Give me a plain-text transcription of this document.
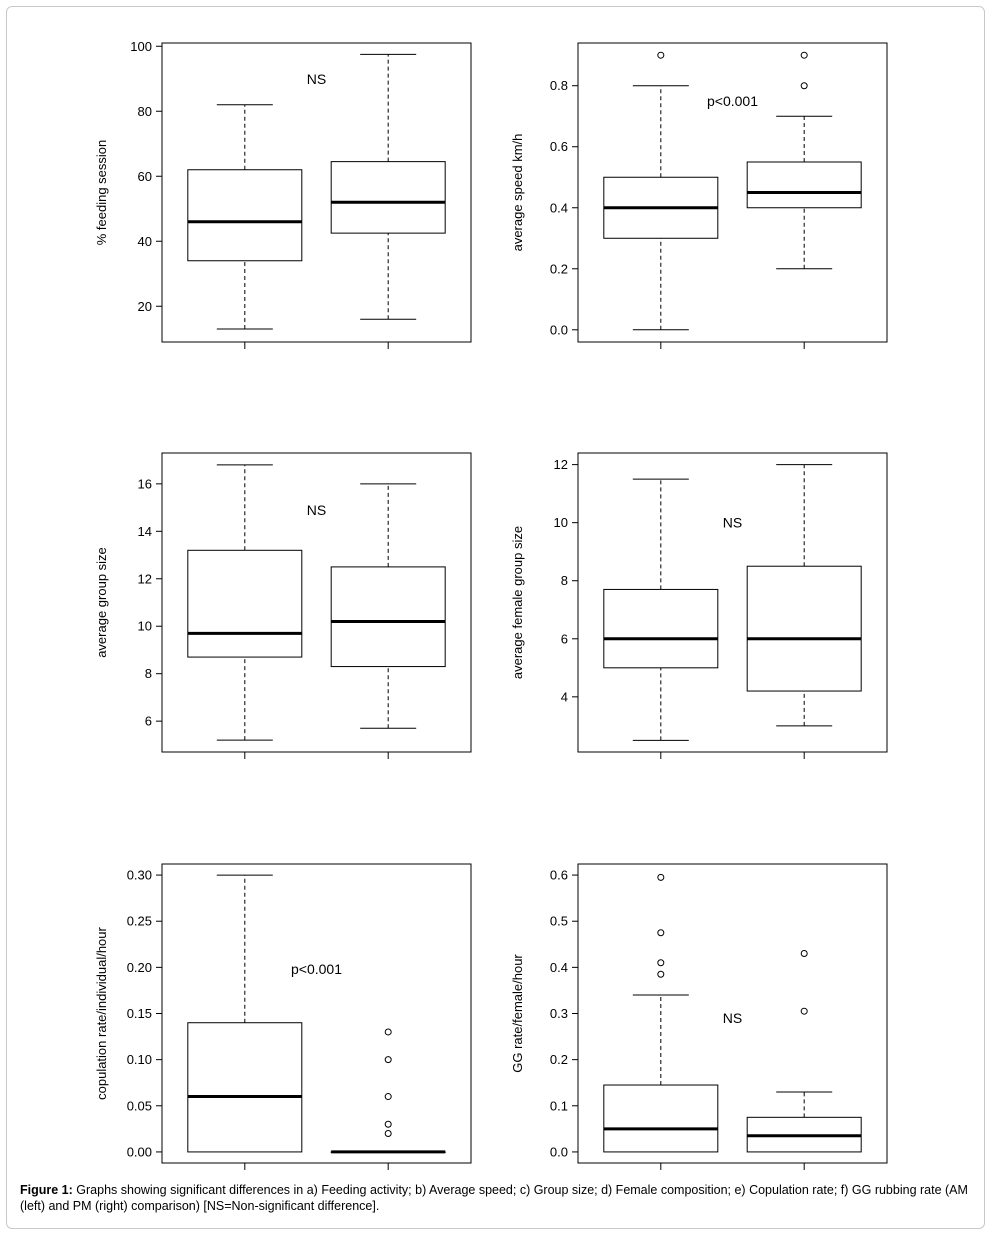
20
40
60
80
100
% feeding session
NS
0.0
0.2
0.4
0.6
0.8
average speed km/h
p<0.001
6
8
10
12
14
16
average group size
NS
4
6
8
10
12
average female group size
NS
0.00
0.05
0.10
0.15
0.20
0.25
0.30
copulation rate/individual/hour	p<0.001
0.0
0.1
0.2
0.3
0.4
0.5
0.6
GG rate/female/hour	NS
Figure 1: Graphs showing significant differences in a) Feeding activity; b) Average speed; c) Group size; d) Female composition; e) Copulation rate; f) GG rubbing rate (AM (left) and PM (right) comparison) [NS=Non-significant difference].
